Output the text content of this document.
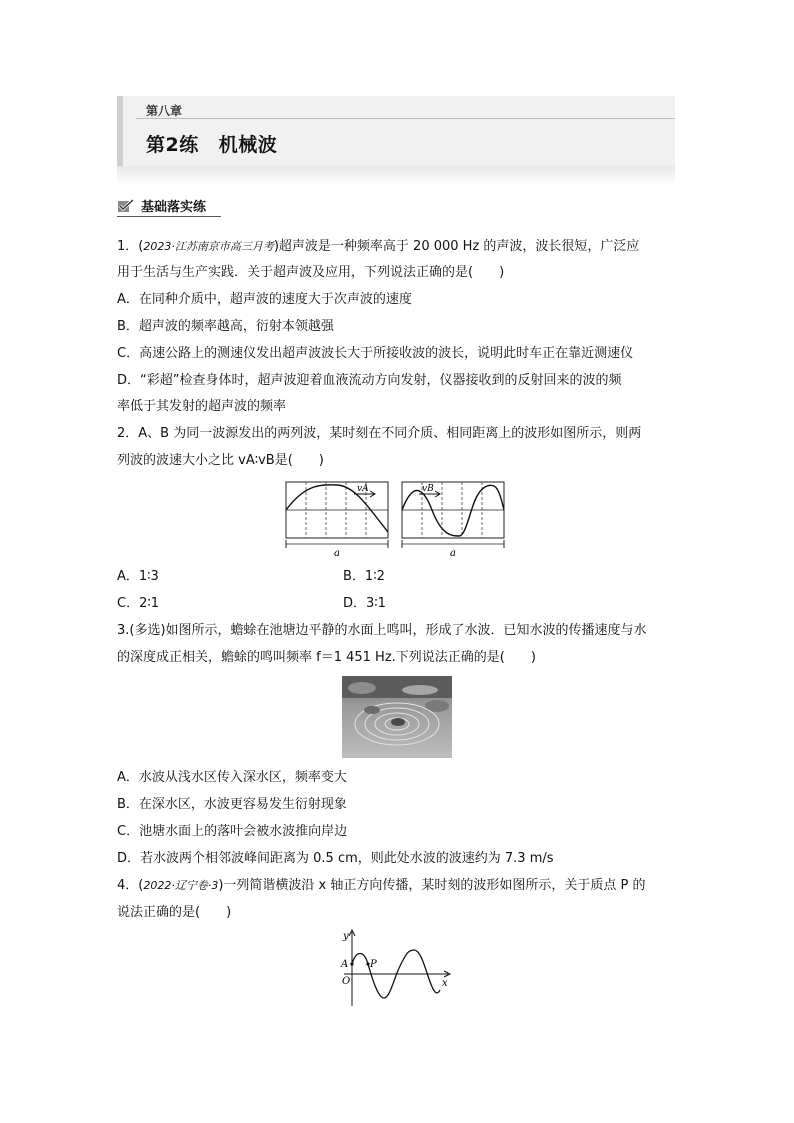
第八章
第2练 机械波
基础落实练
1．(2023·江苏南京市高三月考)超声波是一种频率高于 20 000 Hz 的声波，波长很短，广泛应
用于生活与生产实践．关于超声波及应用，下列说法正确的是(　　)
A．在同种介质中，超声波的速度大于次声波的速度
B．超声波的频率越高，衍射本领越强
C．高速公路上的测速仪发出超声波波长大于所接收波的波长，说明此时车正在靠近测速仪
D．“彩超”检查身体时，超声波迎着血液流动方向发射，仪器接收到的反射回来的波的频
率低于其发射的超声波的频率
2．A、B 为同一波源发出的两列波，某时刻在不同介质、相同距离上的波形如图所示，则两
列波的波速大小之比 vA∶vB是(　　)
vA	vB
a	a
A．1∶3	B．1∶2
C．2∶1	D．3∶1
3.(多选)如图所示，蟾蜍在池塘边平静的水面上鸣叫，形成了水波．已知水波的传播速度与水
的深度成正相关，蟾蜍的鸣叫频率 f＝1 451 Hz.下列说法正确的是(　　)
A．水波从浅水区传入深水区，频率变大
B．在深水区，水波更容易发生衍射现象
C．池塘水面上的落叶会被水波推向岸边
D．若水波两个相邻波峰间距离为 0.5 cm，则此处水波的波速约为 7.3 m/s
4．(2022·辽宁卷·3)一列简谐横波沿 x 轴正方向传播，某时刻的波形如图所示，关于质点 P 的
说法正确的是(　　)
y
x
O
A P
